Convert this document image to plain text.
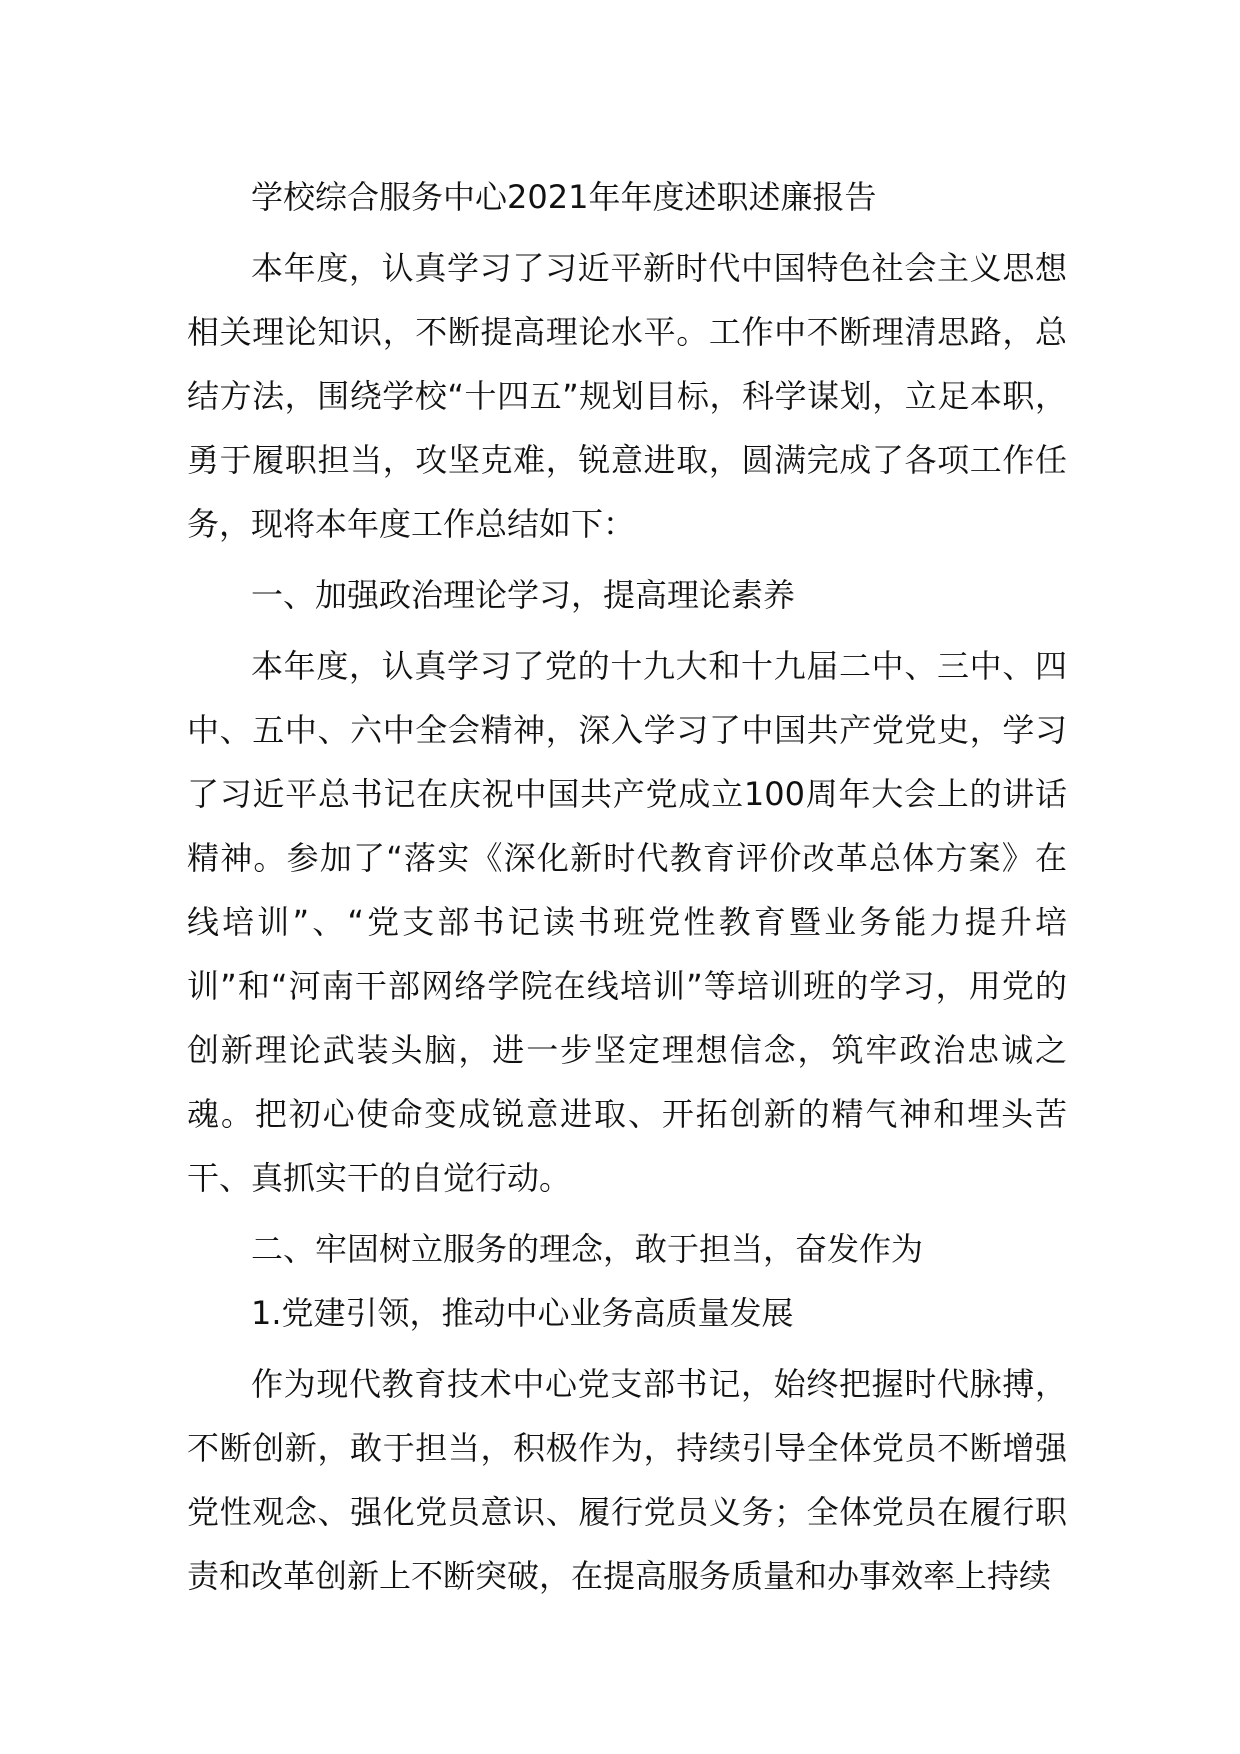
学校综合服务中心2021年年度述职述廉报告

本年度，认真学习了习近平新时代中国特色社会主义思想相关理论知识，不断提高理论水平。工作中不断理清思路，总结方法，围绕学校“十四五”规划目标，科学谋划，立足本职，勇于履职担当，攻坚克难，锐意进取，圆满完成了各项工作任务，现将本年度工作总结如下：

一、加强政治理论学习，提高理论素养

本年度，认真学习了党的十九大和十九届二中、三中、四中、五中、六中全会精神，深入学习了中国共产党党史，学习了习近平总书记在庆祝中国共产党成立100周年大会上的讲话精神。参加了“落实《深化新时代教育评价改革总体方案》在线培训”、“党支部书记读书班党性教育暨业务能力提升培训”和“河南干部网络学院在线培训”等培训班的学习，用党的创新理论武装头脑，进一步坚定理想信念，筑牢政治忠诚之魂。把初心使命变成锐意进取、开拓创新的精气神和埋头苦干、真抓实干的自觉行动。

二、牢固树立服务的理念，敢于担当，奋发作为
1.党建引领，推动中心业务高质量发展

作为现代教育技术中心党支部书记，始终把握时代脉搏，不断创新，敢于担当，积极作为，持续引导全体党员不断增强党性观念、强化党员意识、履行党员义务；全体党员在履行职责和改革创新上不断突破，在提高服务质量和办事效率上持续
